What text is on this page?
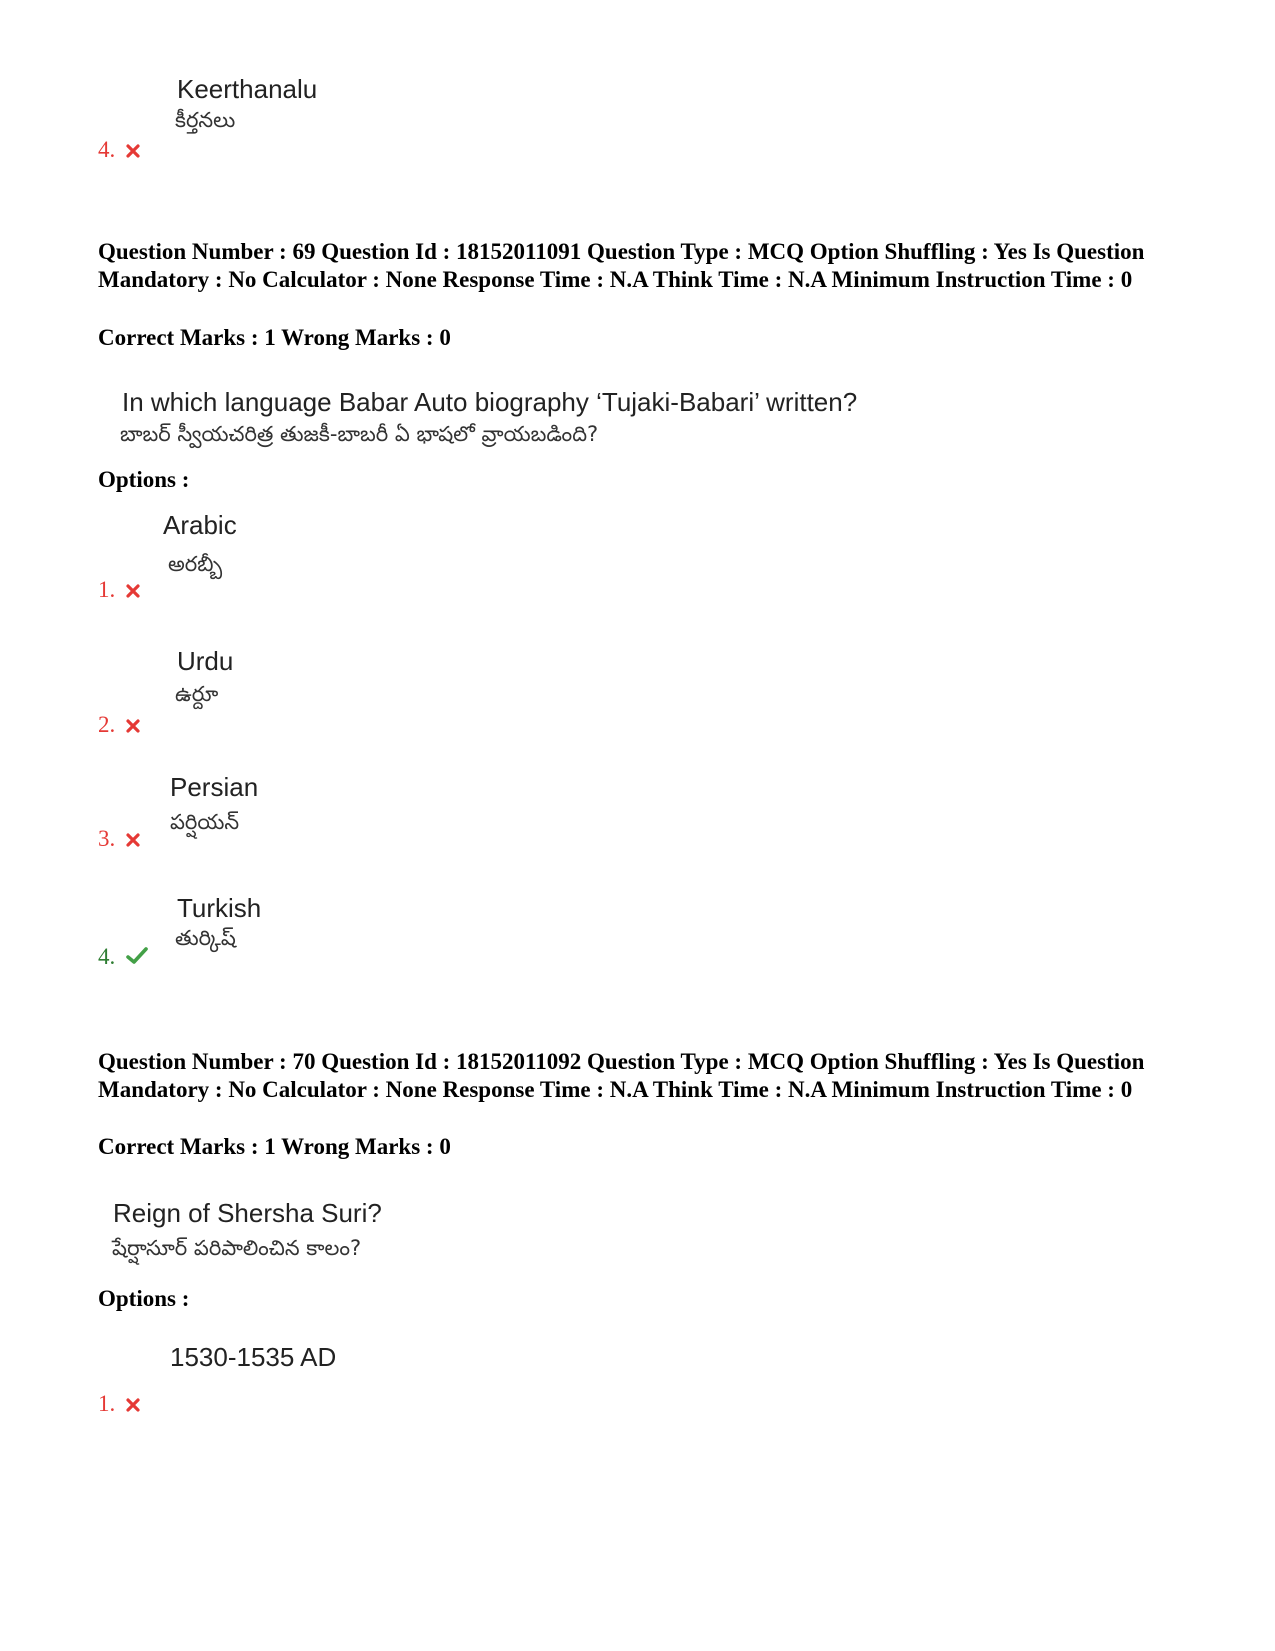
Keerthanalu
కీర్తనలు
4.
Question Number : 69 Question Id : 18152011091 Question Type : MCQ Option Shuffling : Yes Is Question Mandatory : No Calculator : None Response Time : N.A Think Time : N.A Minimum Instruction Time : 0
Correct Marks : 1 Wrong Marks : 0
In which language Babar Auto biography ‘Tujaki-Babari’ written?
బాబర్ స్వీయచరిత్ర తుజకీ-బాబరీ ఏ భాషలో వ్రాయబడింది?
Options :
Arabic
అరబ్బీ
1.
Urdu
ఉర్దూ
2.
Persian
పర్షియన్
3.
Turkish
తుర్కిష్
4.
Question Number : 70 Question Id : 18152011092 Question Type : MCQ Option Shuffling : Yes Is Question Mandatory : No Calculator : None Response Time : N.A Think Time : N.A Minimum Instruction Time : 0
Correct Marks : 1 Wrong Marks : 0
Reign of Shersha Suri?
షేర్షాసూర్ పరిపాలించిన కాలం?
Options :
1530-1535 AD
1.
